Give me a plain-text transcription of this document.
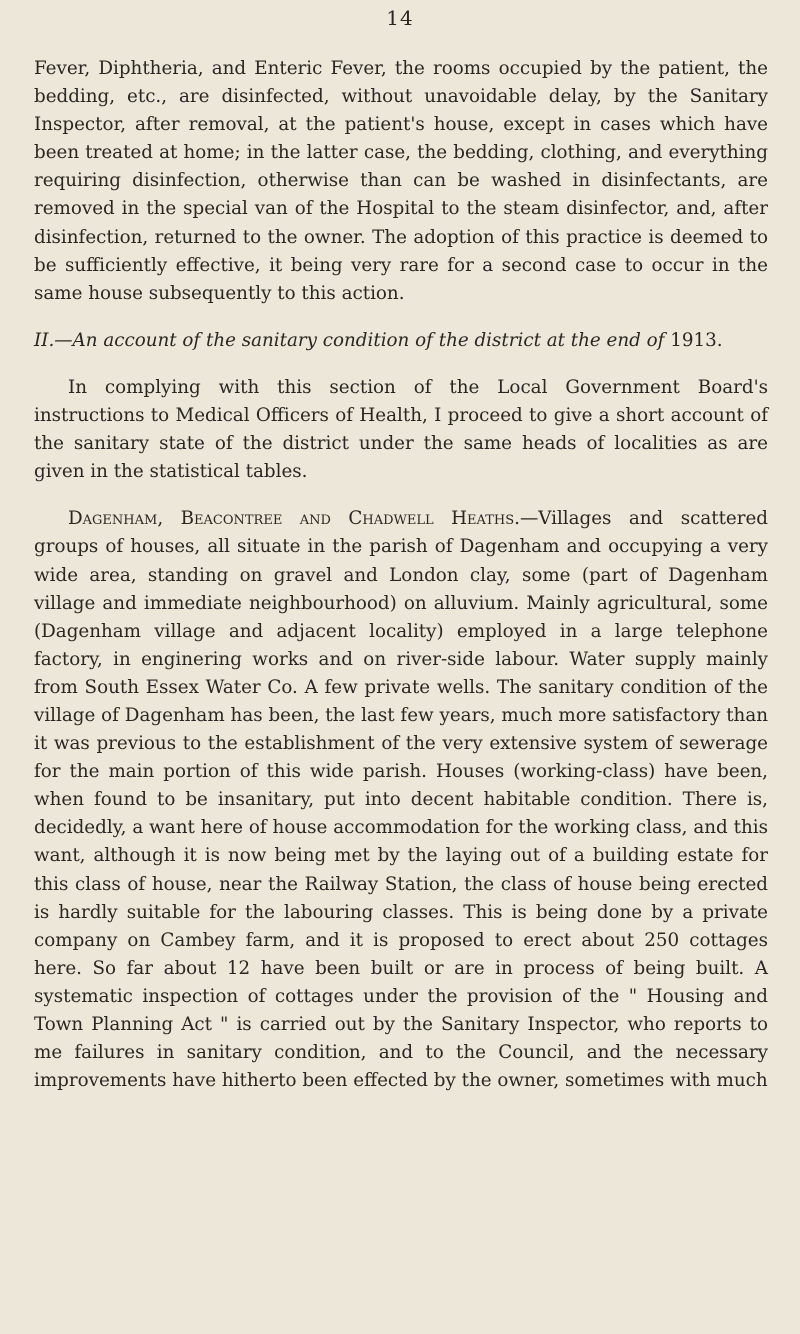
14

Fever, Diphtheria, and Enteric Fever, the rooms occupied by the patient, the bedding, etc., are disinfected, without unavoidable delay, by the Sanitary Inspector, after removal, at the patient's house, except in cases which have been treated at home; in the latter case, the bedding, clothing, and everything requiring disinfection, otherwise than can be washed in disinfectants, are removed in the special van of the Hospital to the steam disinfector, and, after disinfection, returned to the owner. The adoption of this practice is deemed to be sufficiently effective, it being very rare for a second case to occur in the same house subsequently to this action.

II.—An account of the sanitary condition of the district at the end of 1913.

In complying with this section of the Local Government Board's instructions to Medical Officers of Health, I proceed to give a short account of the sanitary state of the district under the same heads of localities as are given in the statistical tables.

Dagenham, Beacontree and Chadwell Heaths.—Villages and scattered groups of houses, all situate in the parish of Dagenham and occupying a very wide area, standing on gravel and London clay, some (part of Dagenham village and immediate neighbourhood) on alluvium. Mainly agricultural, some (Dagenham village and adjacent locality) employed in a large telephone factory, in enginering works and on river-side labour. Water supply mainly from South Essex Water Co. A few private wells. The sanitary condition of the village of Dagenham has been, the last few years, much more satisfactory than it was previous to the establishment of the very extensive system of sewerage for the main portion of this wide parish. Houses (working-class) have been, when found to be insanitary, put into decent habitable condition. There is, decidedly, a want here of house accommodation for the working class, and this want, although it is now being met by the laying out of a building estate for this class of house, near the Railway Station, the class of house being erected is hardly suitable for the labouring classes. This is being done by a private company on Cambey farm, and it is proposed to erect about 250 cottages here. So far about 12 have been built or are in process of being built. A systematic inspection of cottages under the provision of the " Housing and Town Planning Act " is carried out by the Sanitary Inspector, who reports to me failures in sanitary condition, and to the Council, and the necessary improvements have hitherto been effected by the owner, sometimes with much
